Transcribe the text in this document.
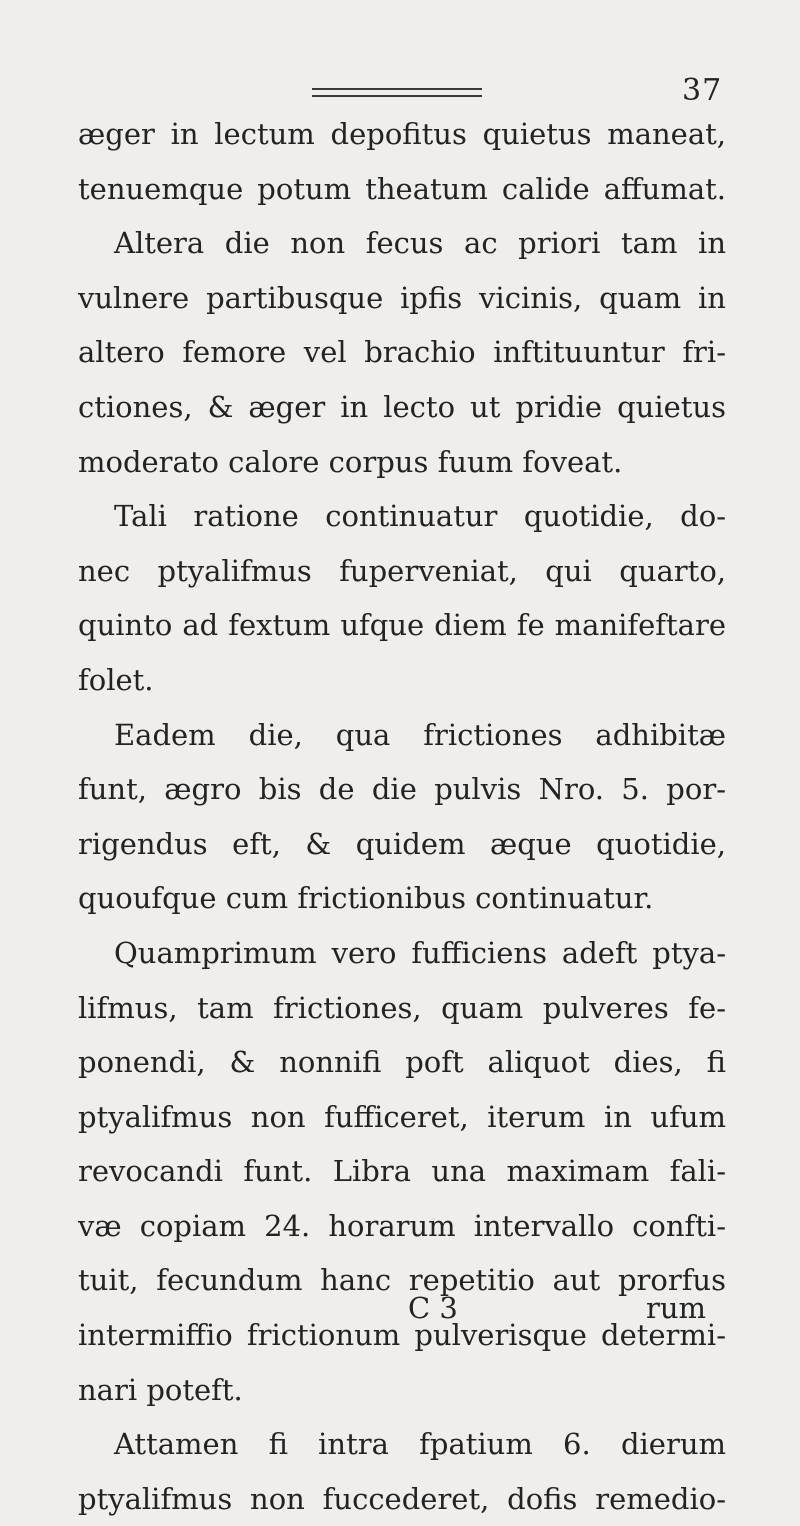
37
æger in lectum depofitus quietus maneat,
tenuemque potum theatum calide affumat.
Altera die non fecus ac priori tam in
vulnere partibusque ipfis vicinis, quam in
altero femore vel brachio inftituuntur fri-
ctiones, & æger in lecto ut pridie quietus
moderato calore corpus fuum foveat.
Tali ratione continuatur quotidie, do-
nec ptyalifmus fuperveniat, qui quarto,
quinto ad fextum ufque diem fe manifeftare
folet.
Eadem die, qua frictiones adhibitæ
funt, ægro bis de die pulvis Nro. 5. por-
rigendus eft, & quidem æque quotidie,
quoufque cum frictionibus continuatur.
Quamprimum vero fufficiens adeft ptya-
lifmus, tam frictiones, quam pulveres fe-
ponendi, & nonnifi poft aliquot dies, fi
ptyalifmus non fufficeret, iterum in ufum
revocandi funt. Libra una maximam fali-
væ copiam 24. horarum intervallo confti-
tuit, fecundum hanc repetitio aut prorfus
intermiffio frictionum pulverisque determi-
nari poteft.
Attamen fi intra fpatium 6. dierum
ptyalifmus non fuccederet, dofis remedio-
C 3	rum
